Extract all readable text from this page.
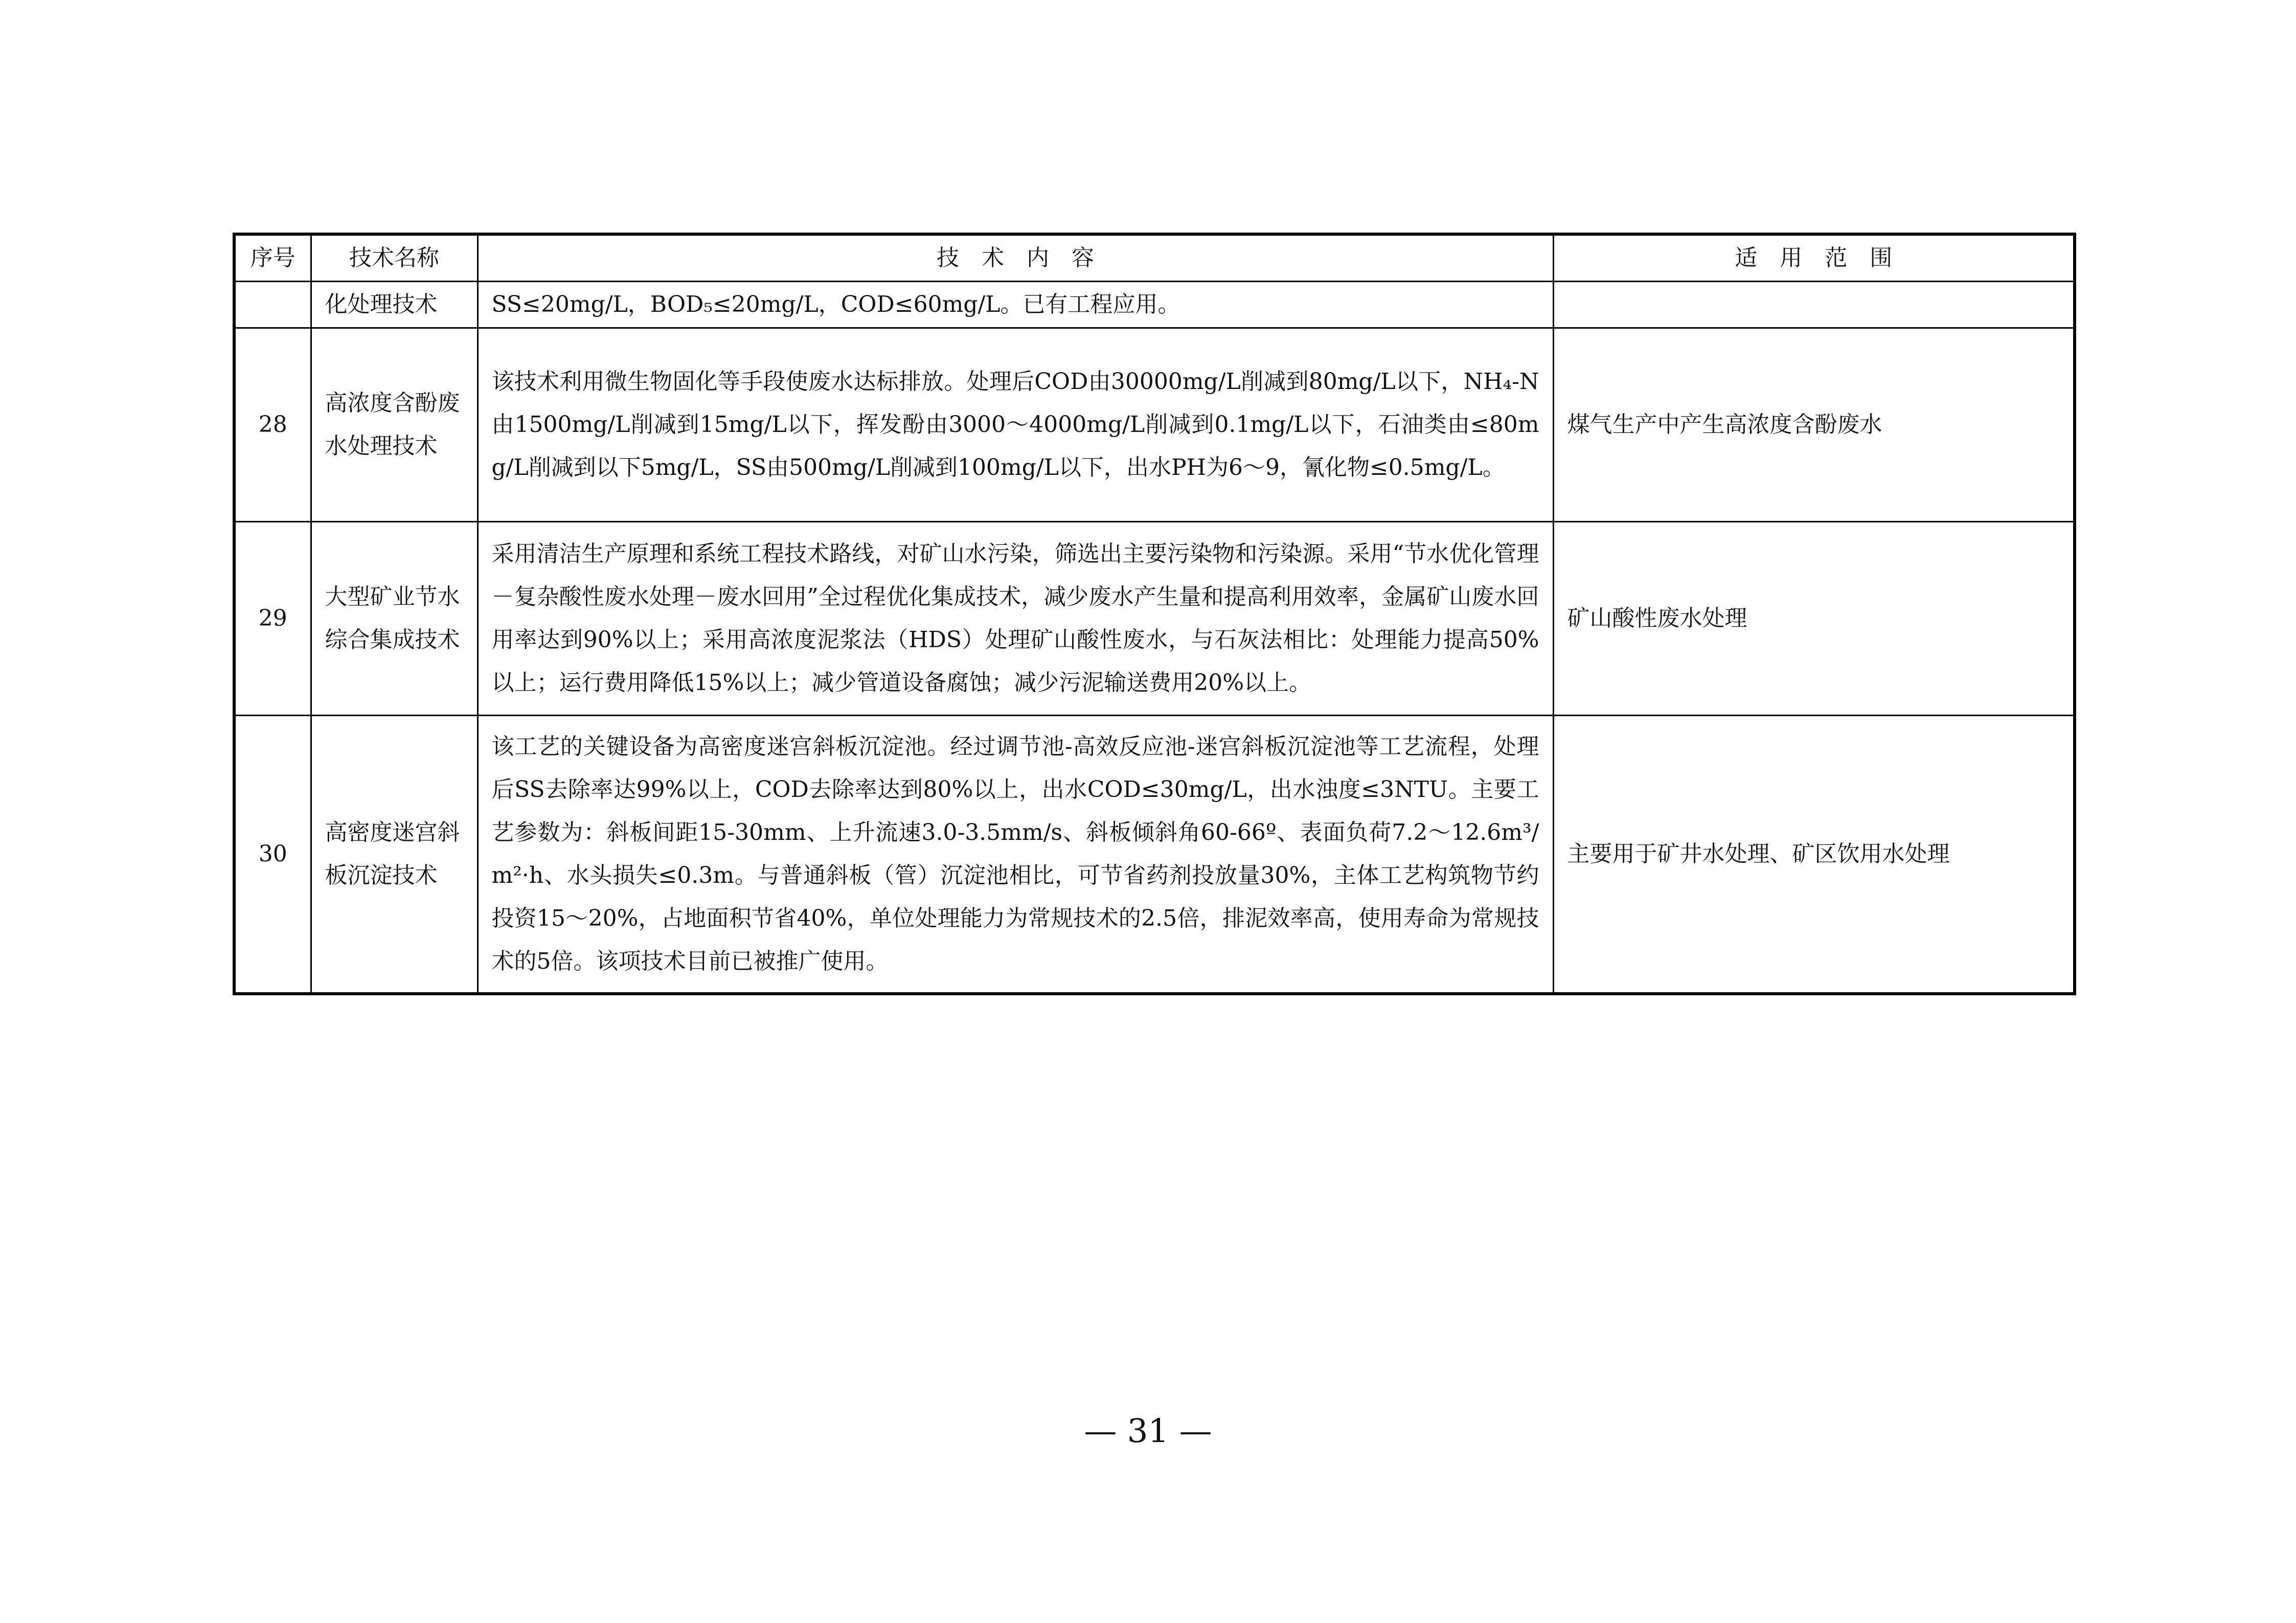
序号	技术名称	技　术　内　容	适　用　范　围
	化处理技术	SS≤20mg/L，BOD₅≤20mg/L，COD≤60mg/L。已有工程应用。	
28	高浓度含酚废水处理技术	该技术利用微生物固化等手段使废水达标排放。处理后COD由30000mg/L削减到80mg/L以下，NH₄-N由1500mg/L削减到15mg/L以下，挥发酚由3000～4000mg/L削减到0.1mg/L以下，石油类由≤80mg/L削减到以下5mg/L，SS由500mg/L削减到100mg/L以下，出水PH为6～9，氰化物≤0.5mg/L。	煤气生产中产生高浓度含酚废水
29	大型矿业节水综合集成技术	采用清洁生产原理和系统工程技术路线，对矿山水污染，筛选出主要污染物和污染源。采用“节水优化管理－复杂酸性废水处理－废水回用”全过程优化集成技术，减少废水产生量和提高利用效率，金属矿山废水回用率达到90%以上；采用高浓度泥浆法（HDS）处理矿山酸性废水，与石灰法相比：处理能力提高50%以上；运行费用降低15%以上；减少管道设备腐蚀；减少污泥输送费用20%以上。	矿山酸性废水处理
30	高密度迷宫斜板沉淀技术	该工艺的关键设备为高密度迷宫斜板沉淀池。经过调节池-高效反应池-迷宫斜板沉淀池等工艺流程，处理后SS去除率达99%以上，COD去除率达到80%以上，出水COD≤30mg/L，出水浊度≤3NTU。主要工艺参数为：斜板间距15-30mm、上升流速3.0-3.5mm/s、斜板倾斜角60-66º、表面负荷7.2～12.6m³/m²·h、水头损失≤0.3m。与普通斜板（管）沉淀池相比，可节省药剂投放量30%，主体工艺构筑物节约投资15～20%，占地面积节省40%，单位处理能力为常规技术的2.5倍，排泥效率高，使用寿命为常规技术的5倍。该项技术目前已被推广使用。	主要用于矿井水处理、矿区饮用水处理
— 31 —
